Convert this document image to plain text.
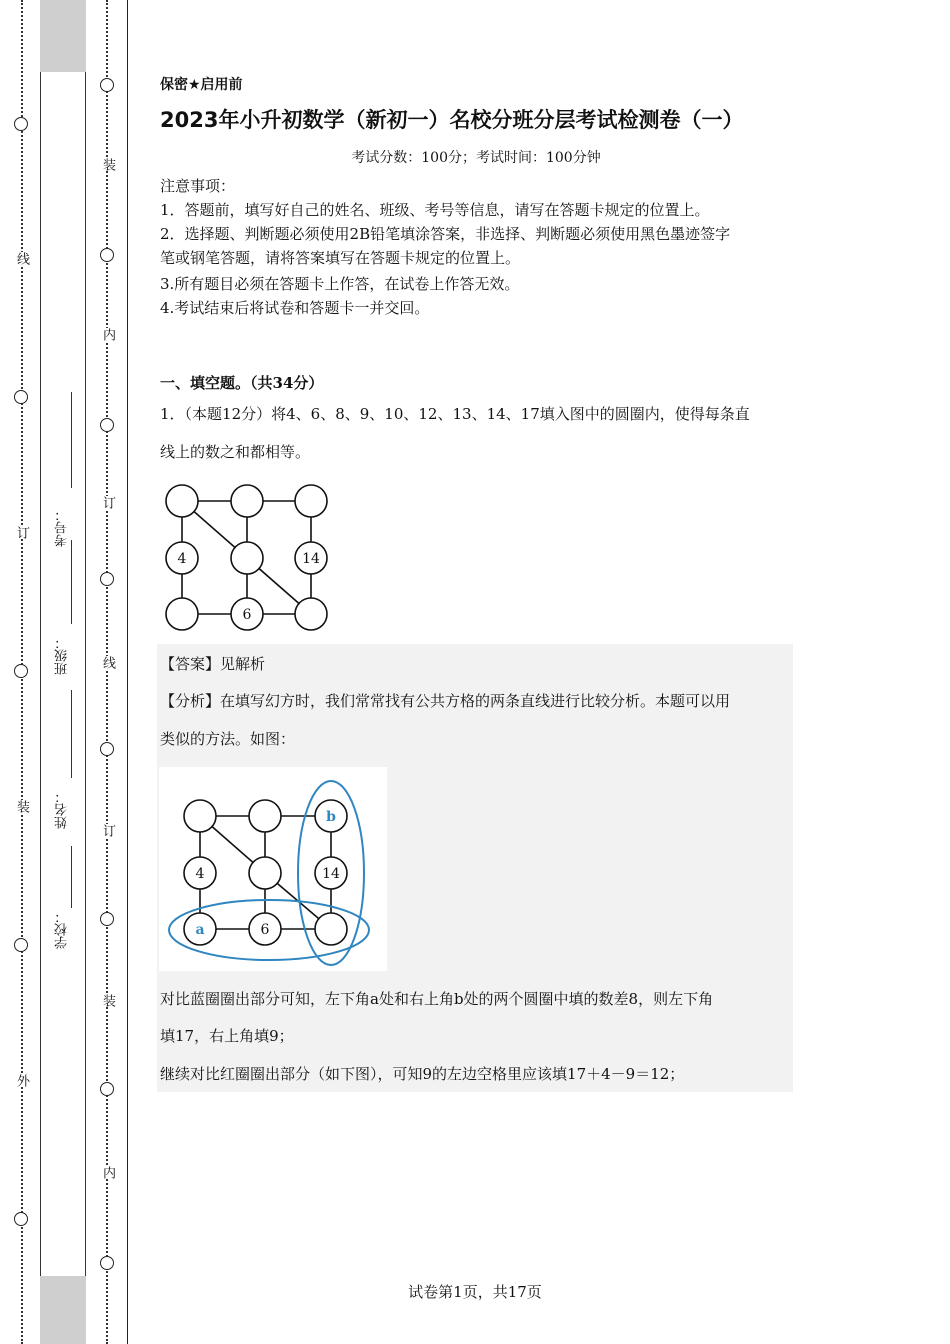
线
订
装
外
装
内
订
线
订
装
内
考号：
班级：
姓名：
学校：
保密★启用前
2023年小升初数学（新初一）名校分班分层考试检测卷（一）
考试分数：100分；考试时间：100分钟
注意事项：
1．答题前，填写好自己的姓名、班级、考号等信息，请写在答题卡规定的位置上。
2．选择题、判断题必须使用2B铅笔填涂答案，非选择、判断题必须使用黑色墨迹签字
笔或钢笔答题，请将答案填写在答题卡规定的位置上。
3.所有题目必须在答题卡上作答，在试卷上作答无效。
4.考试结束后将试卷和答题卡一并交回。
一、填空题。（共34分）
1．（本题12分）将4、6、8、9、10、12、13、14、17填入图中的圆圈内，使得每条直
线上的数之和都相等。
4	14
6
【答案】见解析
【分析】在填写幻方时，我们常常找有公共方格的两条直线进行比较分析。本题可以用
类似的方法。如图：
b
4	14
a	6
对比蓝圈圈出部分可知，左下角a处和右上角b处的两个圆圈中填的数差8，则左下角
填17，右上角填9；
继续对比红圈圈出部分（如下图），可知9的左边空格里应该填17＋4－9＝12；
试卷第1页，共17页
